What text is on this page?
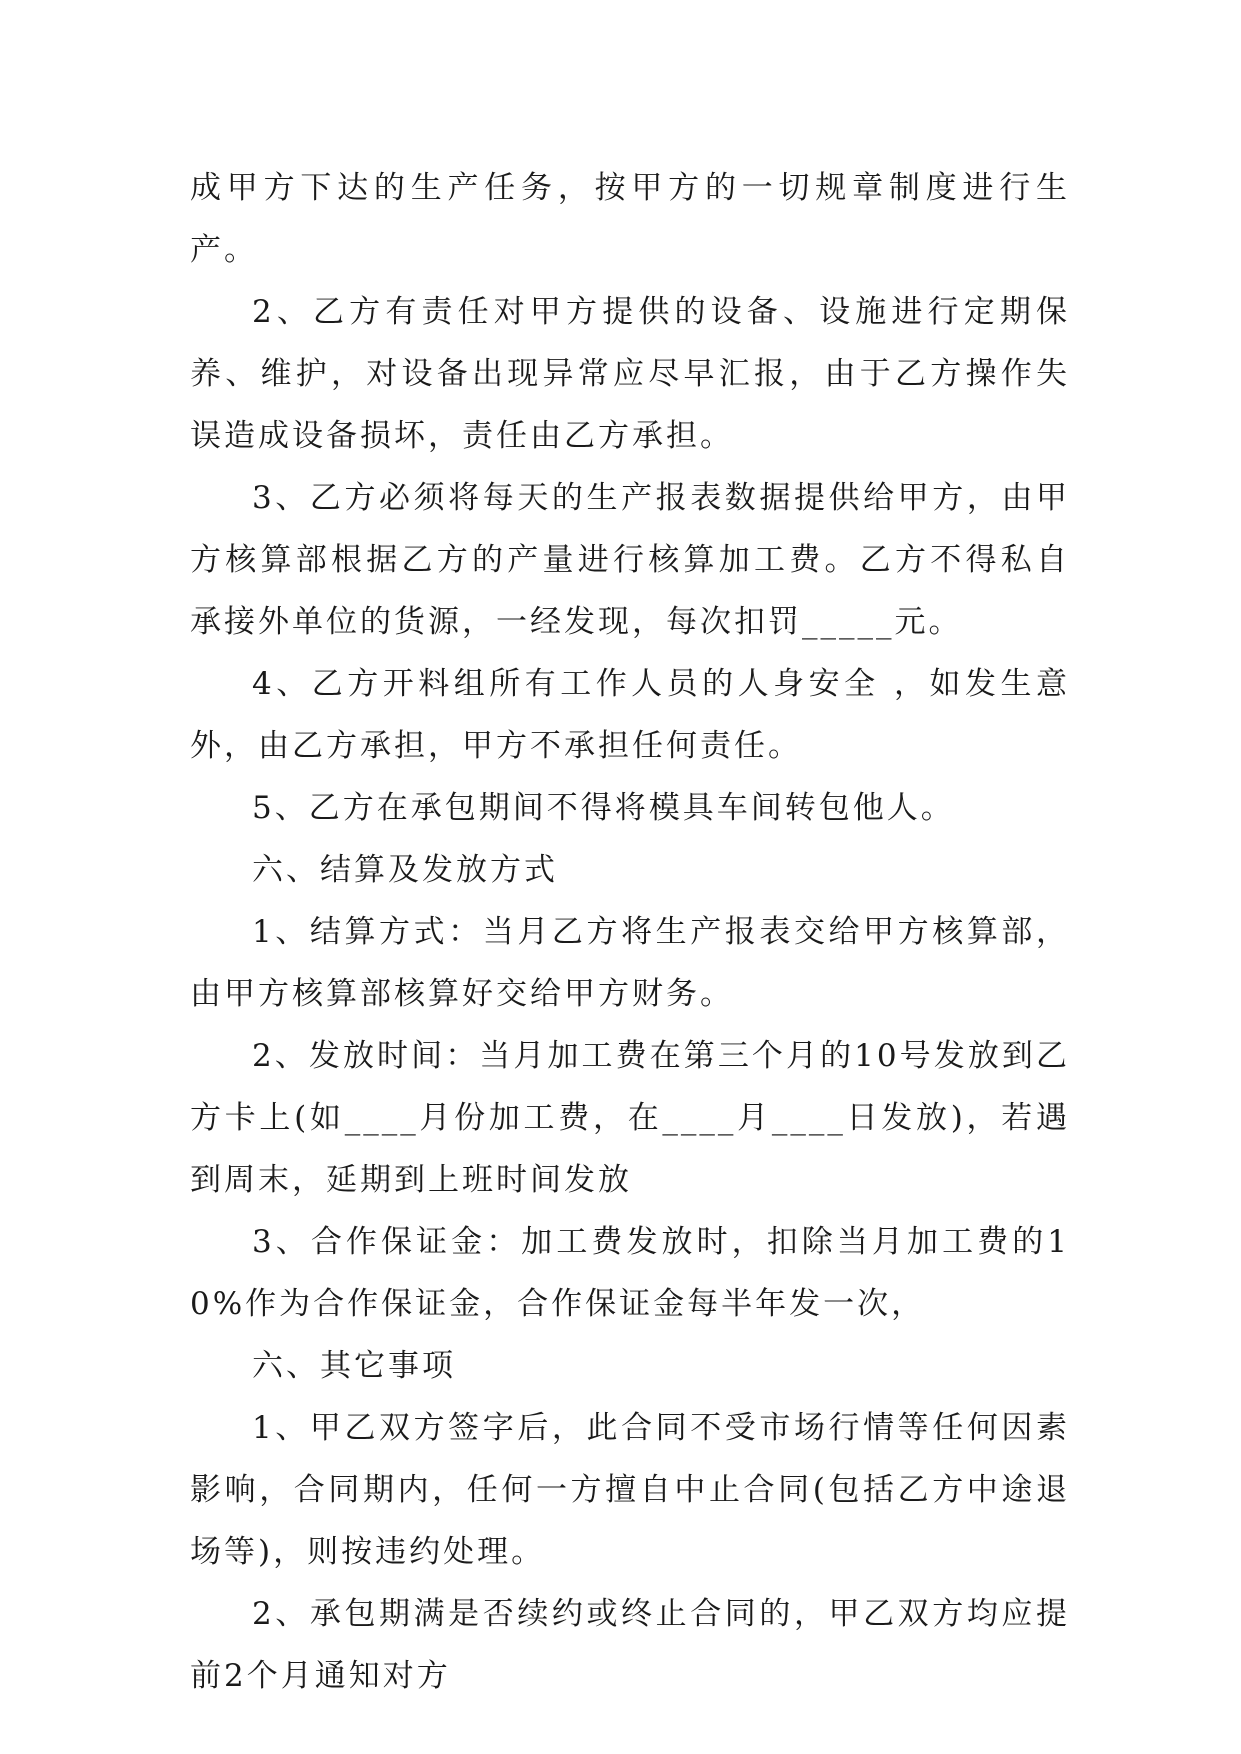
成甲方下达的生产任务，按甲方的一切规章制度进行生产。

2、乙方有责任对甲方提供的设备、设施进行定期保养、维护，对设备出现异常应尽早汇报，由于乙方操作失误造成设备损坏，责任由乙方承担。

3、乙方必须将每天的生产报表数据提供给甲方，由甲方核算部根据乙方的产量进行核算加工费。乙方不得私自承接外单位的货源，一经发现，每次扣罚_____元。

4、乙方开料组所有工作人员的人身安全 ，如发生意外，由乙方承担，甲方不承担任何责任。

5、乙方在承包期间不得将模具车间转包他人。

六、结算及发放方式

1、结算方式：当月乙方将生产报表交给甲方核算部，由甲方核算部核算好交给甲方财务。

2、发放时间：当月加工费在第三个月的10号发放到乙方卡上(如____月份加工费，在____月____日发放)，若遇到周末，延期到上班时间发放

3、合作保证金：加工费发放时，扣除当月加工费的10%作为合作保证金，合作保证金每半年发一次，

六、其它事项

1、甲乙双方签字后，此合同不受市场行情等任何因素影响，合同期内，任何一方擅自中止合同(包括乙方中途退场等)，则按违约处理。

2、承包期满是否续约或终止合同的，甲乙双方均应提前2个月通知对方
